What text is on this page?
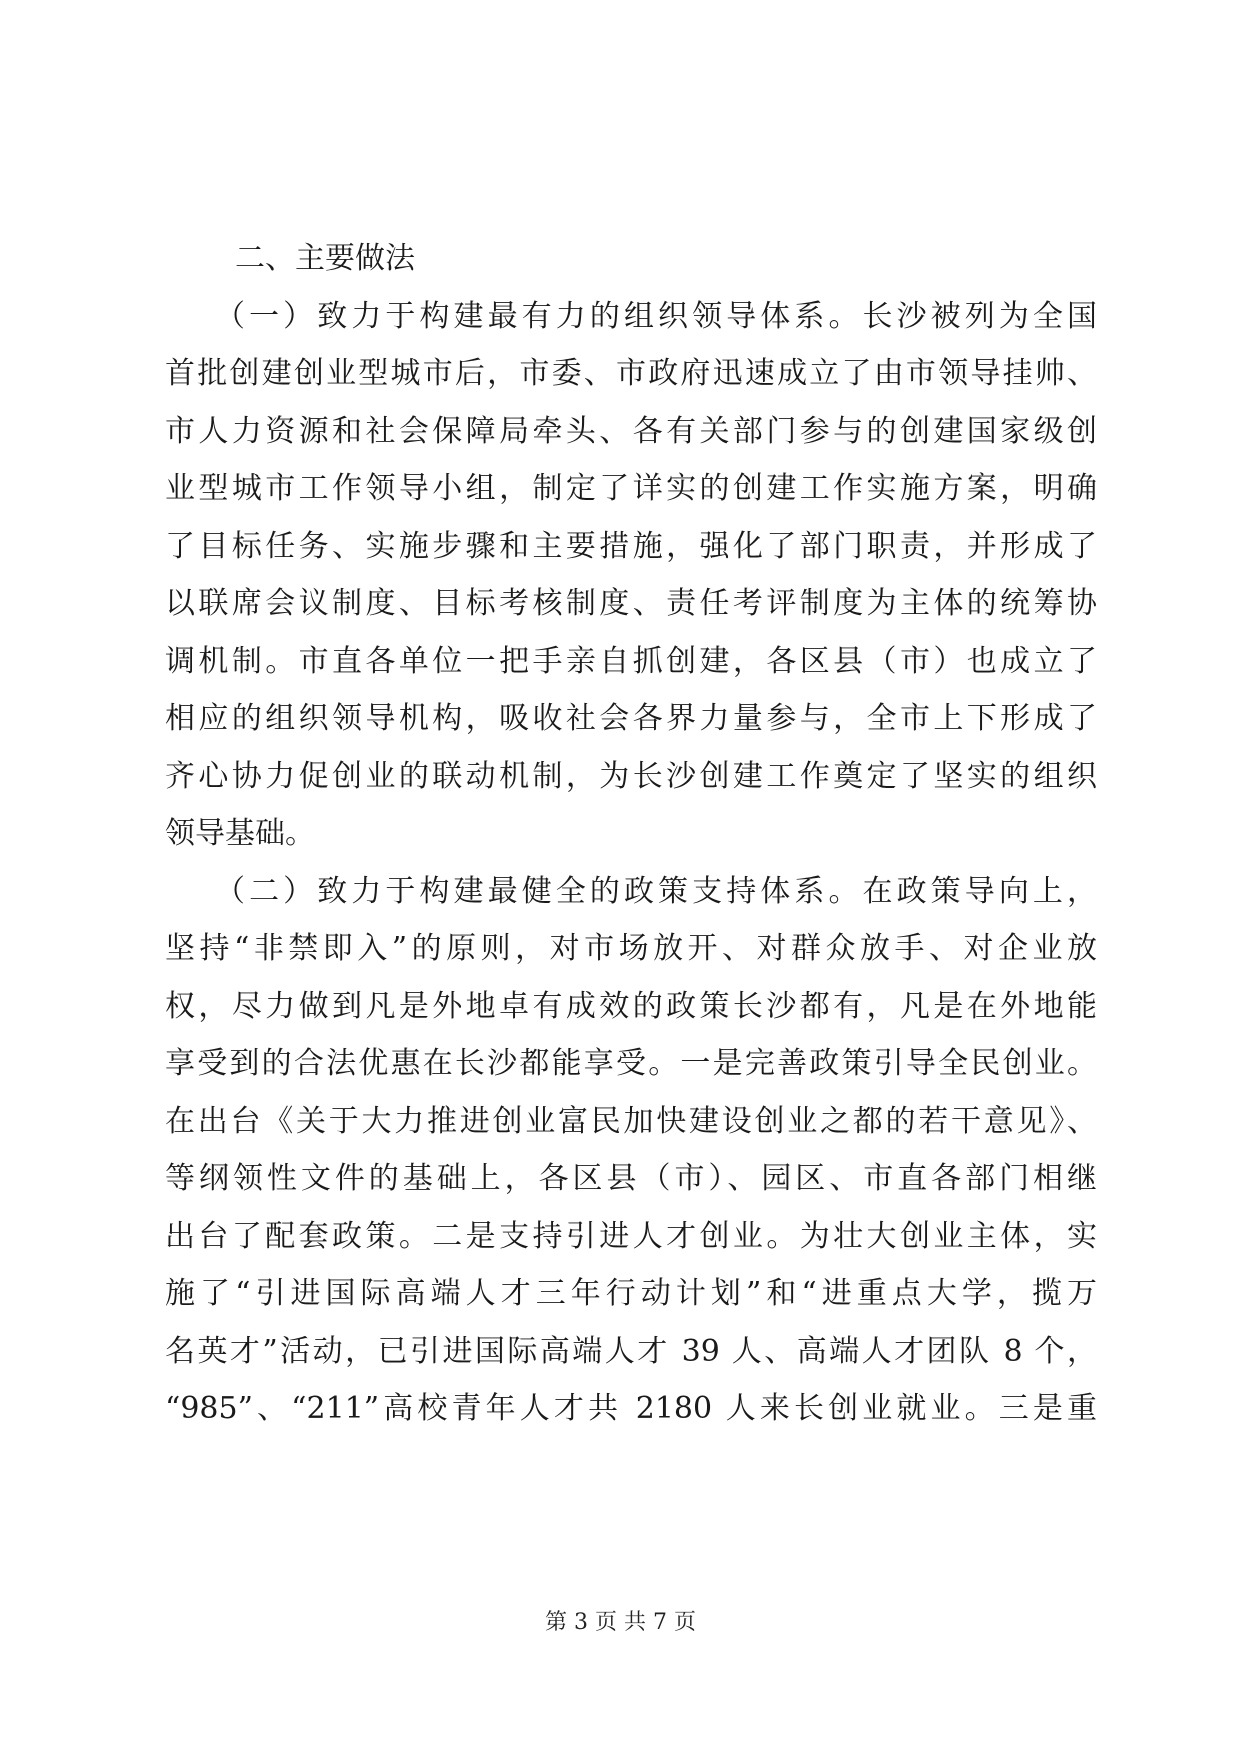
二、主要做法
（一）致力于构建最有力的组织领导体系。长沙被列为全国
首批创建创业型城市后，市委、市政府迅速成立了由市领导挂帅、
市人力资源和社会保障局牵头、各有关部门参与的创建国家级创
业型城市工作领导小组，制定了详实的创建工作实施方案，明确
了目标任务、实施步骤和主要措施，强化了部门职责，并形成了
以联席会议制度、目标考核制度、责任考评制度为主体的统筹协
调机制。市直各单位一把手亲自抓创建，各区县（市）也成立了
相应的组织领导机构，吸收社会各界力量参与，全市上下形成了
齐心协力促创业的联动机制，为长沙创建工作奠定了坚实的组织
领导基础。
（二）致力于构建最健全的政策支持体系。在政策导向上，
坚持“非禁即入”的原则，对市场放开、对群众放手、对企业放
权，尽力做到凡是外地卓有成效的政策长沙都有，凡是在外地能
享受到的合法优惠在长沙都能享受。一是完善政策引导全民创业。
在出台《关于大力推进创业富民加快建设创业之都的若干意见》、
等纲领性文件的基础上，各区县（市）、园区、市直各部门相继
出台了配套政策。二是支持引进人才创业。为壮大创业主体，实
施了“引进国际高端人才三年行动计划”和“进重点大学，揽万
名英才”活动，已引进国际高端人才 39 人、高端人才团队 8 个，
“985”、“211”高校青年人才共 2180 人来长创业就业。三是重
第 3 页 共 7 页
